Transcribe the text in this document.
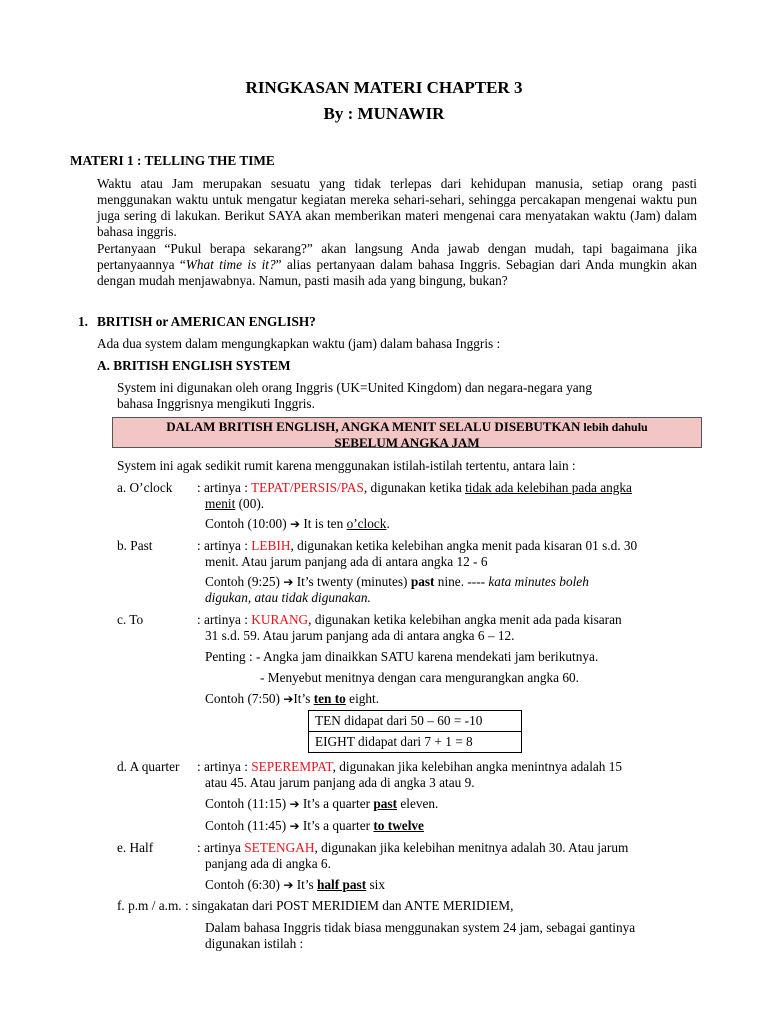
RINGKASAN MATERI CHAPTER 3
By : MUNAWIR
MATERI 1 : TELLING THE TIME
Waktu atau Jam merupakan sesuatu yang tidak terlepas dari kehidupan manusia, setiap orang pasti menggunakan waktu untuk mengatur kegiatan mereka sehari-sehari, sehingga percakapan mengenai waktu pun juga sering di lakukan. Berikut SAYA akan memberikan materi mengenai cara menyatakan waktu (Jam) dalam bahasa inggris.
Pertanyaan “Pukul berapa sekarang?” akan langsung Anda jawab dengan mudah, tapi bagaimana jika pertanyaannya “What time is it?” alias pertanyaan dalam bahasa Inggris. Sebagian dari Anda mungkin akan dengan mudah menjawabnya. Namun, pasti masih ada yang bingung, bukan?
1. BRITISH or AMERICAN ENGLISH?
Ada dua system dalam mengungkapkan waktu (jam) dalam bahasa Inggris :
A. BRITISH ENGLISH SYSTEM
System ini digunakan oleh orang Inggris (UK=United Kingdom) dan negara-negara yang
bahasa Inggrisnya mengikuti Inggris.
DALAM BRITISH ENGLISH, ANGKA MENIT SELALU DISEBUTKAN lebih dahulu
SEBELUM ANGKA JAM
System ini agak sedikit rumit karena menggunakan istilah-istilah tertentu, antara lain :
a. O’clock : artinya : TEPAT/PERSIS/PAS, digunakan ketika tidak ada kelebihan pada angka
menit (00).
Contoh (10:00) ➔ It is ten o’clock.
b. Past	: artinya : LEBIH, digunakan ketika kelebihan angka menit pada kisaran 01 s.d. 30
menit. Atau jarum panjang ada di antara angka 12 - 6
Contoh (9:25) ➔ It’s twenty (minutes) past nine. ---- kata minutes boleh
digukan, atau tidak digunakan.
c. To	: artinya : KURANG, digunakan ketika kelebihan angka menit ada pada kisaran
31 s.d. 59. Atau jarum panjang ada di antara angka 6 – 12.
Penting : - Angka jam dinaikkan SATU karena mendekati jam berikutnya.
- Menyebut menitnya dengan cara mengurangkan angka 60.
Contoh (7:50) ➔It’s ten to eight.
TEN didapat dari 50 – 60 = -10
EIGHT didapat dari 7 + 1 = 8
d. A quarter : artinya : SEPEREMPAT, digunakan jika kelebihan angka menintnya adalah 15
atau 45. Atau jarum panjang ada di angka 3 atau 9.
Contoh (11:15) ➔ It’s a quarter past eleven.
Contoh (11:45) ➔ It’s a quarter to twelve
e. Half	: artinya SETENGAH, digunakan jika kelebihan menitnya adalah 30. Atau jarum
panjang ada di angka 6.
Contoh (6:30) ➔ It’s half past six
f. p.m / a.m. : singakatan dari POST MERIDIEM dan ANTE MERIDIEM,
Dalam bahasa Inggris tidak biasa menggunakan system 24 jam, sebagai gantinya
digunakan istilah :
